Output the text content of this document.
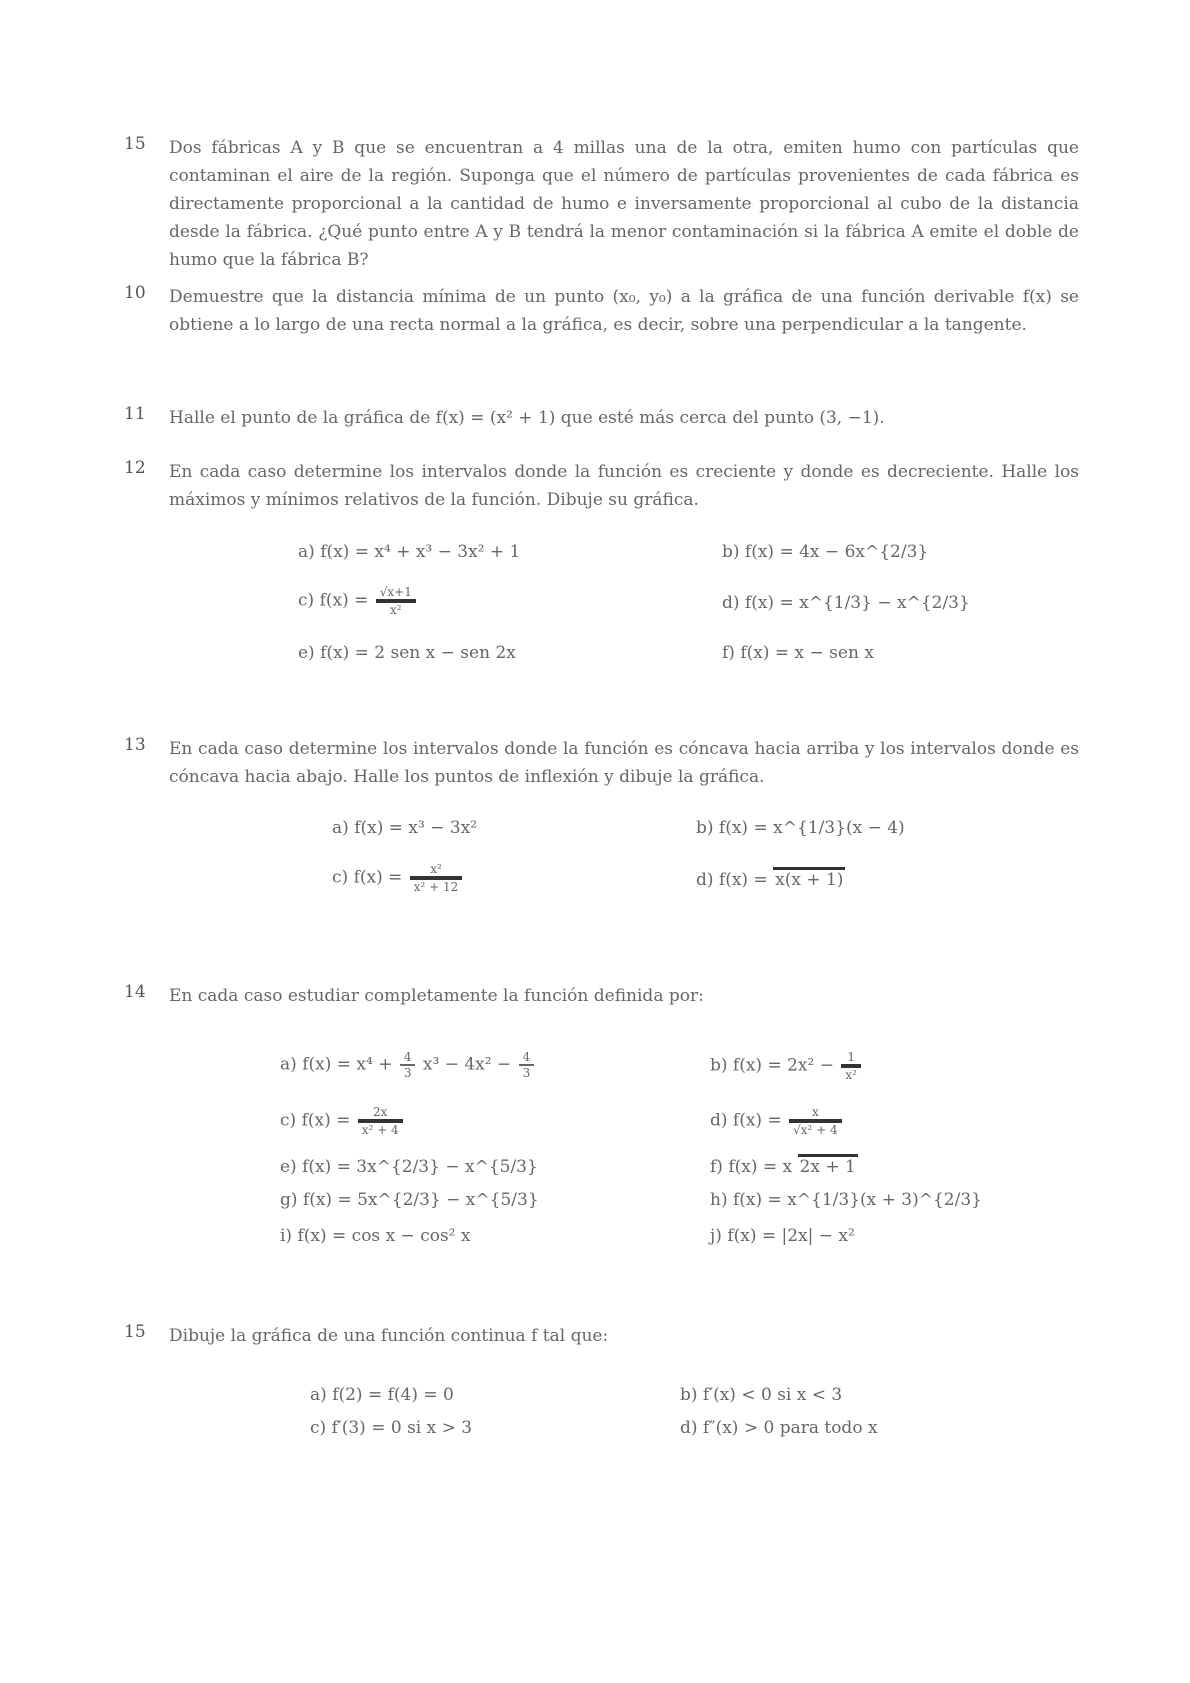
15 Dos fábricas A y B que se encuentran a 4 millas una de la otra, emiten humo con partículas que contaminan el aire de la región. Suponga que el número de partículas provenientes de cada fábrica es directamente proporcional a la cantidad de humo e inversamente proporcional al cubo de la distancia desde la fábrica. ¿Qué punto entre A y B tendrá la menor contaminación si la fábrica A emite el doble de humo que la fábrica B?
10 Demuestre que la distancia mínima de un punto (x₀, y₀) a la gráfica de una función derivable f(x) se obtiene a lo largo de una recta normal a la gráfica, es decir, sobre una perpendicular a la tangente.
11 Halle el punto de la gráfica de f(x) = (x² + 1) que esté más cerca del punto (3, −1).
12 En cada caso determine los intervalos donde la función es creciente y donde es decreciente. Halle los máximos y mínimos relativos de la función. Dibuje su gráfica.
a) f(x) = x⁴ + x³ − 3x² + 1	b) f(x) = 4x − 6x^{2/3}
c) $f(x) = \frac{√x+1}{\text{x²}}$	d) f(x) = x^{1/3} − x^{2/3}
e) f(x) = 2 sen x − sen 2x	f) f(x) = x − sen x
13 En cada caso determine los intervalos donde la función es cóncava hacia arriba y los intervalos donde es cóncava hacia abajo. Halle los puntos de inflexión y dibuje la gráfica.
a) f(x) = x³ − 3x²	b) f(x) = x^{1/3}(x − 4)
c) $f(x) = \frac{\text{x²}}{\text{x² + 12}}$	d) f(x) = x(x + 1)
14 En cada caso estudiar completamente la función definida por:
a) $f(x) = x^4 + \frac{4}{3} x^3 - 4x^2 - \frac{4}{3}$	b) $f(x) = 2x^2 - \frac{1}{\text{x²}}$
c) $f(x) = \frac{2x}{\text{x² + 4}}$	d) $f(x) = \frac{x}{\text{√x² + 4}}$
e) f(x) = 3x^{2/3} − x^{5/3}	f) f(x) = x 2x + 1
g) f(x) = 5x^{2/3} − x^{5/3}	h) f(x) = x^{1/3}(x + 3)^{2/3}
i) f(x) = cos x − cos² x	j) f(x) = |2x| − x²
15 Dibuje la gráfica de una función continua f tal que:
a) f(2) = f(4) = 0	b) f′(x) < 0 si x < 3
c) f′(3) = 0 si x > 3	d) f″(x) > 0 para todo x
